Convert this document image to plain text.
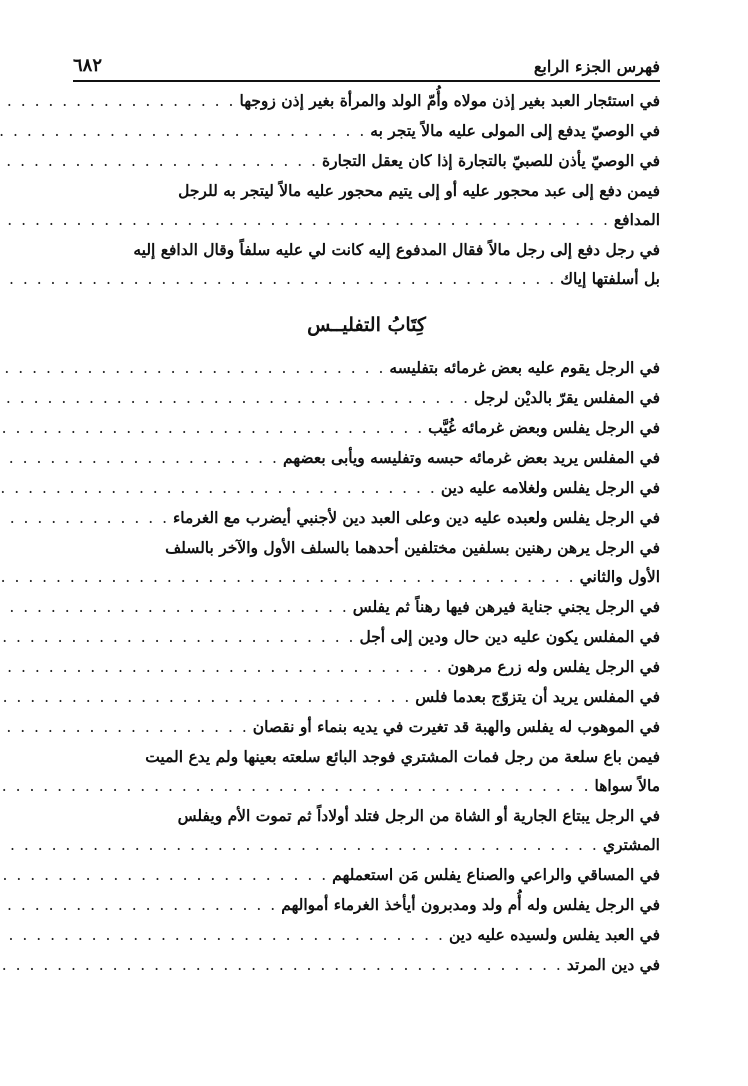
فهرس الجزء الرابع
٦٨٢
في استئجار العبد بغير إذن مولاه وأُمّ الولد والمرأة بغير إذن زوجها
. . .
في الوصيّ يدفع إلى المولى عليه مالاً يتجر به
. . .
في الوصيّ يأذن للصبيّ بالتجارة إذا كان يعقل التجارة
. . .
فيمن دفع إلى عبد محجور عليه أو إلى يتيم محجور عليه مالاً ليتجر به للرجل
المدافع
. . .
في رجل دفع إلى رجل مالاً فقال المدفوع إليه كانت لي عليه سلفاً وقال الدافع إليه
بل أسلفتها إياك
. . .
كِتَابُ التفليــس
في الرجل يقوم عليه بعض غرمائه بتفليسه
. . .
في المفلس يقرّ بالديْن لرجل
. . .
في الرجل يفلس وبعض غرمائه غُيَّب
. . .
في المفلس يريد بعض غرمائه حبسه وتفليسه ويأبى بعضهم
. . .
في الرجل يفلس ولغلامه عليه دين
. . .
في الرجل يفلس ولعبده عليه دين وعلى العبد دين لأجنبي أيضرب مع الغرماء
. . .
في الرجل يرهن رهنين بسلفين مختلفين أحدهما بالسلف الأول والآخر بالسلف
الأول والثاني
. . .
في الرجل يجني جناية فيرهن فيها رهناً ثم يفلس
. . .
في المفلس يكون عليه دين حال ودين إلى أجل
. . .
في الرجل يفلس وله زرع مرهون
. . .
في المفلس يريد أن يتزوّج بعدما فلس
. . .
في الموهوب له يفلس والهبة قد تغيرت في يديه بنماء أو نقصان
. . .
فيمن باع سلعة من رجل فمات المشتري فوجد البائع سلعته بعينها ولم يدع الميت
مالاً سواها
. . .
في الرجل يبتاع الجارية أو الشاة من الرجل فتلد أولاداً ثم تموت الأم ويفلس
المشتري
. . .
في المساقي والراعي والصناع يفلس مَن استعملهم
. . .
في الرجل يفلس وله أُم ولد ومدبرون أيأخذ الغرماء أموالهم
. . .
في العبد يفلس ولسيده عليه دين
. . .
في دين المرتد
. . .
